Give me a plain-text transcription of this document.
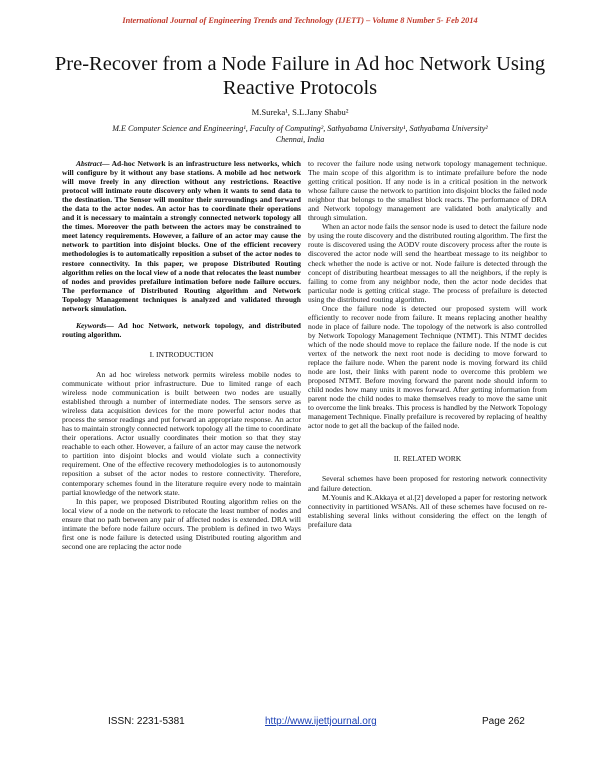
International Journal of Engineering Trends and Technology (IJETT) – Volume 8 Number 5- Feb 2014
Pre-Recover from a Node Failure in Ad hoc Network Using Reactive Protocols
M.Sureka¹, S.L.Jany Shabu²
M.E Computer Science and Engineering¹, Faculty of Computing², Sathyabama University¹, Sathyabama University²
Chennai, India

Abstract— Ad-hoc Network is an infrastructure less networks, which will configure by it without any base stations. A mobile ad hoc network will move freely in any direction without any restrictions. Reactive protocol will intimate route discovery only when it wants to send data to the destination. The Sensor will monitor their surroundings and forward the data to the actor nodes. An actor has to coordinate their operations and it is necessary to maintain a strongly connected network topology all the times. Moreover the path between the actors may be constrained to meet latency requirements. However, a failure of an actor may cause the network to partition into disjoint blocks. One of the efficient recovery methodologies is to automatically reposition a subset of the actor nodes to restore connectivity. In this paper, we propose Distributed Routing algorithm relies on the local view of a node that relocates the least number of nodes and provides prefailure intimation before node failure occurs. The performance of Distributed Routing algorithm and Network Topology Management techniques is analyzed and validated through network simulation.

Keywords— Ad hoc Network, network topology, and distributed routing algorithm.

I. INTRODUCTION

An ad hoc wireless network permits wireless mobile nodes to communicate without prior infrastructure. Due to limited range of each wireless node communication is built between two nodes are usually established through a number of intermediate nodes. The sensors serve as wireless data acquisition devices for the more powerful actor nodes that process the sensor readings and put forward an appropriate response. An actor has to maintain strongly connected network topology all the time to coordinate their operations. Actor usually coordinates their motion so that they stay reachable to each other. However, a failure of an actor may cause the network to partition into disjoint blocks and would violate such a connectivity requirement. One of the effective recovery methodologies is to autonomously reposition a subset of the actor nodes to restore connectivity. Therefore, contemporary schemes found in the literature require every node to maintain partial knowledge of the network state.

In this paper, we proposed Distributed Routing algorithm relies on the local view of a node on the network to relocate the least number of nodes and ensure that no path between any pair of affected nodes is extended. DRA will intimate the before node failure occurs. The problem is defined in two Ways first one is node failure is detected using Distributed routing algorithm and second one are replacing the actor node

to recover the failure node using network topology management technique. The main scope of this algorithm is to intimate prefailure before the node getting critical position. If any node is in a critical position in the network whose failure cause the network to partition into disjoint blocks the failed node neighbor that belongs to the smallest block reacts. The performance of DRA and Network topology management are validated both analytically and through simulation.

When an actor node fails the sensor node is used to detect the failure node by using the route discovery and the distributed routing algorithm. The first the route is discovered using the AODV route discovery process after the route is discovered the actor node will send the heartbeat message to its neighbor to check whether the node is active or not. Node failure is detected through the concept of distributing heartbeat messages to all the neighbors, if the reply is failing to come from any neighbor node, then the actor node decides that particular node is getting critical stage. The process of prefailure is detected using the distributed routing algorithm.

Once the failure node is detected our proposed system will work efficiently to recover node from failure. It means replacing another healthy node in place of failure node. The topology of the network is also controlled by Network Topology Management Technique (NTMT). This NTMT decides which of the node should move to replace the failure node. If the node is cut vertex of the network the next root node is deciding to move forward to replace the failure node. When the parent node is moving forward its child node are lost, their links with parent node to overcome this problem we proposed NTMT. Before moving forward the parent node should inform to child nodes how many units it moves forward. After getting information from parent node the child nodes to make themselves ready to move the same unit to overcome the link breaks. This process is handled by the Network Topology management Technique. Finally prefailure is recovered by replacing of healthy actor node to get all the backup of the failed node.

II. RELATED WORK

Several schemes have been proposed for restoring network connectivity and failure detection.

M.Younis and K.Akkaya et al.[2] developed a paper for restoring network connectivity in partitioned WSANs. All of these schemes have focused on re-establishing several links without considering the effect on the length of prefailure data

ISSN: 2231-5381	http://www.ijettjournal.org	Page 262
